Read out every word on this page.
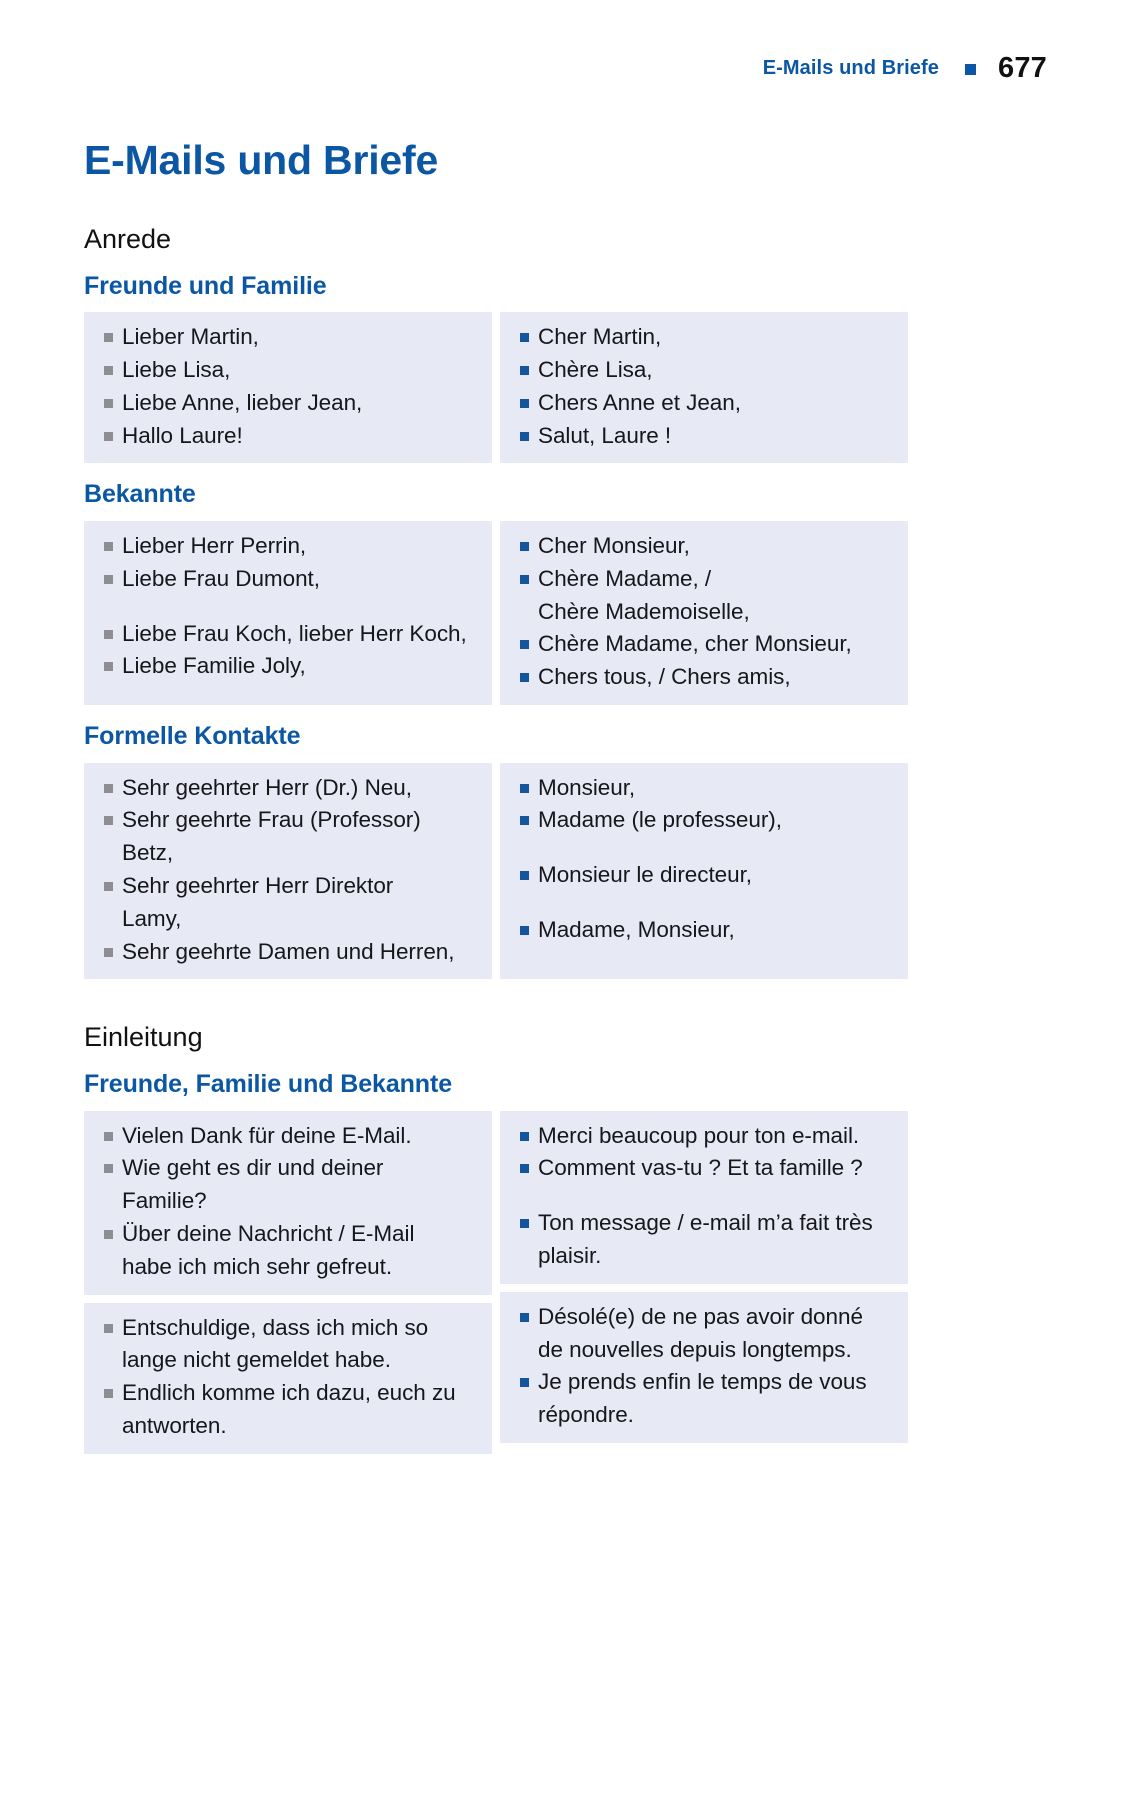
E-Mails und Briefe 677
E-Mails und Briefe
Anrede
Freunde und Familie
Lieber Martin,
Liebe Lisa,
Liebe Anne, lieber Jean,
Hallo Laure!
Cher Martin,
Chère Lisa,
Chers Anne et Jean,
Salut, Laure !
Bekannte
Lieber Herr Perrin,
Liebe Frau Dumont,
Liebe Frau Koch, lieber Herr Koch,
Liebe Familie Joly,
Cher Monsieur,
Chère Madame, /
Chère Mademoiselle,
Chère Madame, cher Monsieur,
Chers tous, / Chers amis,
Formelle Kontakte
Sehr geehrter Herr (Dr.) Neu,
Sehr geehrte Frau (Professor)
Betz,
Sehr geehrter Herr Direktor
Lamy,
Sehr geehrte Damen und Herren,
Monsieur,
Madame (le professeur),
Monsieur le directeur,
Madame, Monsieur,
Einleitung
Freunde, Familie und Bekannte
Vielen Dank für deine E-Mail.
Wie geht es dir und deiner
Familie?
Über deine Nachricht / E-Mail
habe ich mich sehr gefreut.
Entschuldige, dass ich mich so
lange nicht gemeldet habe.
Endlich komme ich dazu, euch zu
antworten.
Merci beaucoup pour ton e-mail.
Comment vas-tu ? Et ta famille ?
Ton message / e-mail m’a fait très
plaisir.
Désolé(e) de ne pas avoir donné
de nouvelles depuis longtemps.
Je prends enfin le temps de vous
répondre.
